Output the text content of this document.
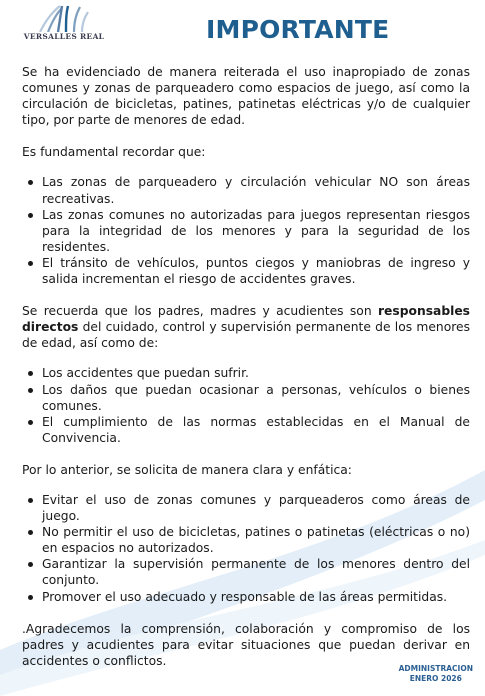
VERSALLES REAL	IMPORTANTE

Se ha evidenciado de manera reiterada el uso inapropiado de zonas comunes y zonas de parqueadero como espacios de juego, así como la circulación de bicicletas, patines, patinetas eléctricas y/o de cualquier tipo, por parte de menores de edad.

Es fundamental recordar que:

Las zonas de parqueadero y circulación vehicular NO son áreas recreativas.
Las zonas comunes no autorizadas para juegos representan riesgos para la integridad de los menores y para la seguridad de los residentes.
El tránsito de vehículos, puntos ciegos y maniobras de ingreso y salida incrementan el riesgo de accidentes graves.

Se recuerda que los padres, madres y acudientes son responsables directos del cuidado, control y supervisión permanente de los menores de edad, así como de:

Los accidentes que puedan sufrir.
Los daños que puedan ocasionar a personas, vehículos o bienes comunes.
El cumplimiento de las normas establecidas en el Manual de Convivencia.

Por lo anterior, se solicita de manera clara y enfática:

Evitar el uso de zonas comunes y parqueaderos como áreas de juego.
No permitir el uso de bicicletas, patines o patinetas (eléctricas o no) en espacios no autorizados.
Garantizar la supervisión permanente de los menores dentro del conjunto.
Promover el uso adecuado y responsable de las áreas permitidas.

.Agradecemos la comprensión, colaboración y compromiso de los padres y acudientes para evitar situaciones que puedan derivar en accidentes o conflictos.

ADMINISTRACION
ENERO 2026
